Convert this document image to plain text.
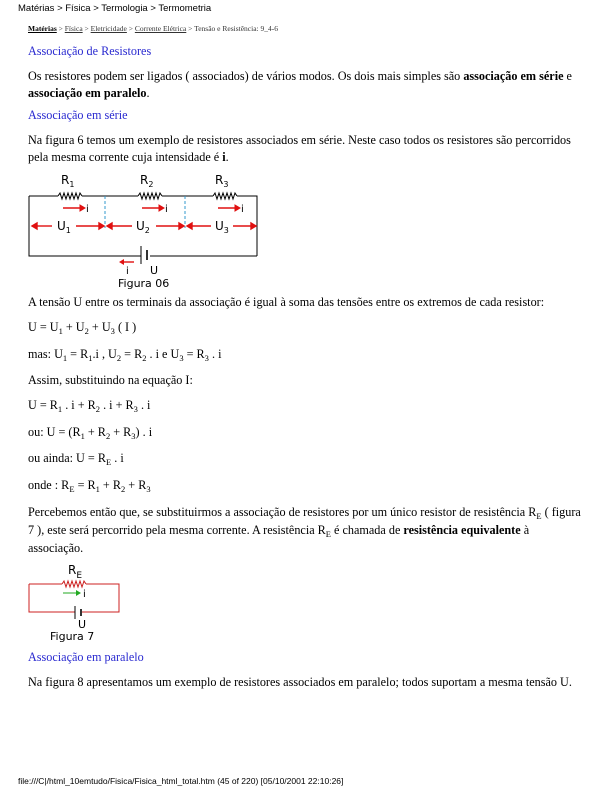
Matérias > Física > Termologia > Termometria
Matérias > Física > Eletricidade > Corrente Elétrica > Tensão e Resistência: 9_4-6

Associação de Resistores

Os resistores podem ser ligados ( associados) de vários modos. Os dois mais simples são associação em série e associação em paralelo.

Associação em série

Na figura 6 temos um exemplo de resistores associados em série. Neste caso todos os resistores são percorridos pela mesma corrente cuja intensidade é i.

$R_1$	$R_2$	$R_3$
i	i	i
$U_1$	$U_2$	$U_3$
i U
Figura 06

A tensão U entre os terminais da associação é igual à soma das tensões entre os extremos de cada resistor:

$U = U_1 + U_2 + U_3$ ( I )

mas: $U_1 = R_1.i$ , $U_2 = R_2$ . i e $U_3 = R_3$ . i

Assim, substituindo na equação I:

$U = R_1$ . $i + R_2$ . $i + R_3$ . i

ou: $U = (R_1 + R_2 + R_3)$ . i

ou ainda: $U = R_E$ . i

onde : $R_E = R_1 + R_2 + R_3$

Percebemos então que, se substituirmos a associação de resistores por um único resistor de resistência $R_E$ ( figura 7 ), este será percorrido pela mesma corrente. A resistência $R_E$ é chamada de resistência equivalente à associação.

$R_E$
i
U
Figura 7

Associação em paralelo

Na figura 8 apresentamos um exemplo de resistores associados em paralelo; todos suportam a mesma tensão U.

file:///C|/html_10emtudo/Fisica/Fisica_html_total.htm (45 of 220) [05/10/2001 22:10:26]
